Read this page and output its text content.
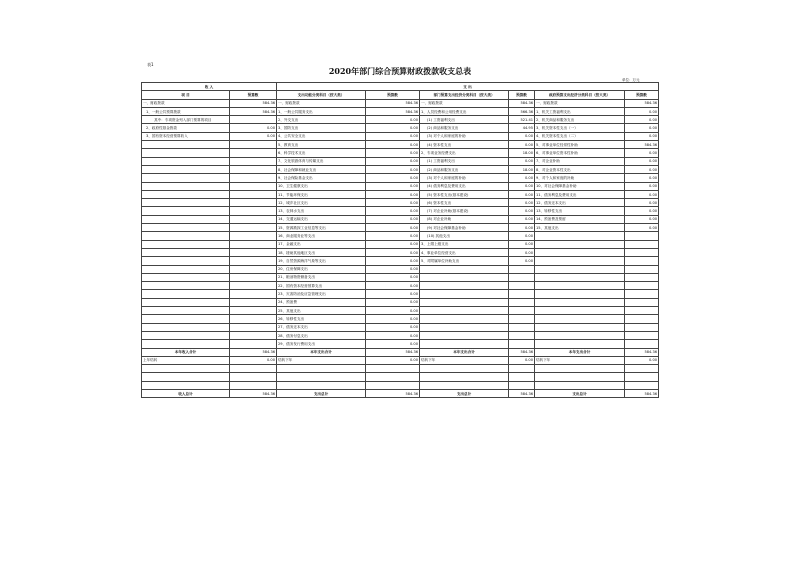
表1
2020年部门综合预算财政拨款收支总表
单位：万元
收 入		支 出					
项 目	预算数	支出功能分类科目（按大类）	预算数	部门预算支出经济分类科目（按大类）	预算数	政府预算支出经济分类科目（按大类）	预算数
一、财政拨款	584.36	一、财政拨款	584.36	一、财政拨款	584.36	一、财政拨款	584.36
1、一般公共预算拨款	584.36	1、一般公共服务支出	584.36	1、人员经费和公用经费支出	566.36	1、机关工资福利支出	0.00
其中：专项资金列入部门预算的项目		2、外交支出	0.00	(1) 工资福利支出	521.41	2、机关商品和服务支出	0.00
2、政府性基金拨款	0.00	3、国防支出	0.00	(2) 商品和服务支出	44.95	3、机关资本性支出（一）	0.00
3、国有资本经营预算收入	0.00	4、公共安全支出	0.00	(3) 对个人和家庭的补助	0.00	4、机关资本性支出（二）	0.00
		5、教育支出	0.00	(4) 资本性支出	0.00	5、对事业单位经常性补助	584.36
		6、科学技术支出	0.00	2、专项业务经费支出	18.00	6、对事业单位资本性补助	0.00
		7、文化旅游体育与传媒支出	0.00	(1) 工资福利支出	0.00	7、对企业补助	0.00
		8、社会保障和就业支出	0.00	(2) 商品和服务支出	18.00	8、对企业资本性支出	0.00
		9、社会保险基金支出	0.00	(3) 对个人和家庭的补助	0.00	9、对个人和家庭的补助	0.00
		10、卫生健康支出	0.00	(4) 债务利息及费用支出	0.00	10、对社会保障基金补助	0.00
		11、节能环保支出	0.00	(5) 资本性支出(基本建设)	0.00	11、债务利息及费用支出	0.00
		12、城乡社区支出	0.00	(6) 资本性支出	0.00	12、债务还本支出	0.00
		13、农林水支出	0.00	(7) 对企业补助(基本建设)	0.00	13、转移性支出	0.00
		14、交通运输支出	0.00	(8) 对企业补助	0.00	14、预备费及预留	0.00
		15、资源勘探工业信息等支出	0.00	(9) 对社会保障基金补助	0.00	15、其他支出	0.00
		16、商业服务业等支出	0.00	(10) 其他支出	0.00		
		17、金融支出	0.00	3、上缴上级支出	0.00		
		18、援助其他地区支出	0.00	4、事业单位经营支出	0.00		
		19、自然资源海洋气象等支出	0.00	5、对附属单位补助支出	0.00		
		20、住房保障支出	0.00				
		21、粮油物资储备支出	0.00				
		22、国有资本经营预算支出	0.00				
		23、灾害防治及应急管理支出	0.00				
		24、预备费	0.00				
		25、其他支出	0.00				
		26、转移性支出	0.00				
		27、债务还本支出	0.00				
		28、债务付息支出	0.00				
		29、债务发行费用支出	0.00				
本年收入合计	584.36	本年支出合计	584.36	本年支出合计	584.36	本年支出合计	584.36
上年结转	0.00	结转下年	0.00	结转下年	0.00	结转下年	0.00

收入总计	584.36	支出总计	584.36	支出总计	584.36	支出总计	584.36
